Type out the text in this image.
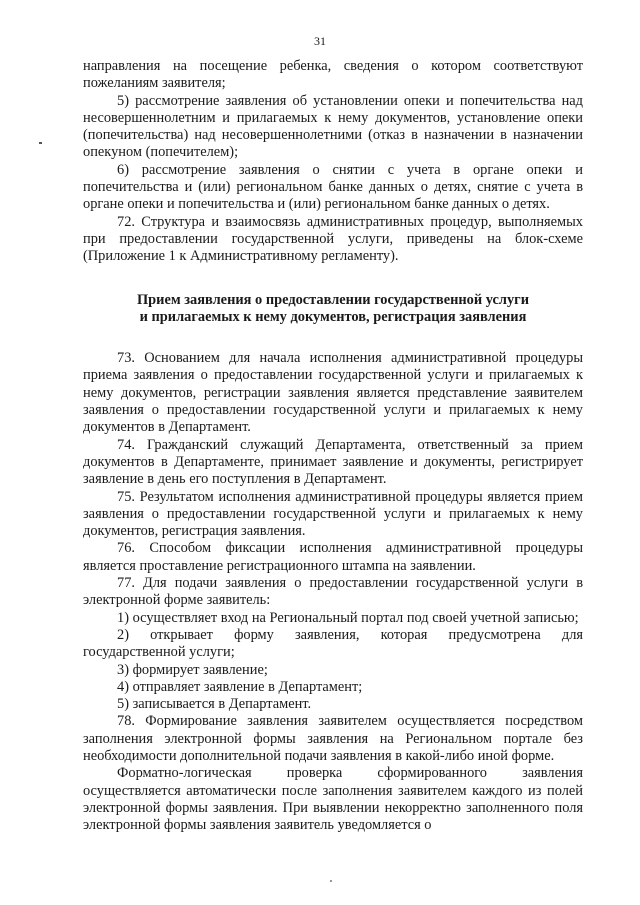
31

направления на посещение ребенка, сведения о котором соответствуют пожеланиям заявителя;

5) рассмотрение заявления об установлении опеки и попечительства над несовершеннолетним и прилагаемых к нему документов, установление опеки (попечительства) над несовершеннолетними (отказ в назначении в назначении опекуном (попечителем);

6) рассмотрение заявления о снятии с учета в органе опеки и попечительства и (или) региональном банке данных о детях, снятие с учета в органе опеки и попечительства и (или) региональном банке данных о детях.

72. Структура и взаимосвязь административных процедур, выполняемых при предоставлении государственной услуги, приведены на блок-схеме (Приложение 1 к Административному регламенту).

Прием заявления о предоставлении государственной услуги
и прилагаемых к нему документов, регистрация заявления

73. Основанием для начала исполнения административной процедуры приема заявления о предоставлении государственной услуги и прилагаемых к нему документов, регистрации заявления является представление заявителем заявления о предоставлении государственной услуги и прилагаемых к нему документов в Департамент.

74. Гражданский служащий Департамента, ответственный за прием документов в Департаменте, принимает заявление и документы, регистрирует заявление в день его поступления в Департамент.

75. Результатом исполнения административной процедуры является прием заявления о предоставлении государственной услуги и прилагаемых к нему документов, регистрация заявления.

76. Способом фиксации исполнения административной процедуры является проставление регистрационного штампа на заявлении.

77. Для подачи заявления о предоставлении государственной услуги в электронной форме заявитель:

1) осуществляет вход на Региональный портал под своей учетной записью;

2) открывает форму заявления, которая предусмотрена для государственной услуги;

3) формирует заявление;

4) отправляет заявление в Департамент;

5) записывается в Департамент.

78. Формирование заявления заявителем осуществляется посредством заполнения электронной формы заявления на Региональном портале без необходимости дополнительной подачи заявления в какой-либо иной форме.

Форматно-логическая проверка сформированного заявления осуществляется автоматически после заполнения заявителем каждого из полей электронной формы заявления. При выявлении некорректно заполненного поля электронной формы заявления заявитель уведомляется о
